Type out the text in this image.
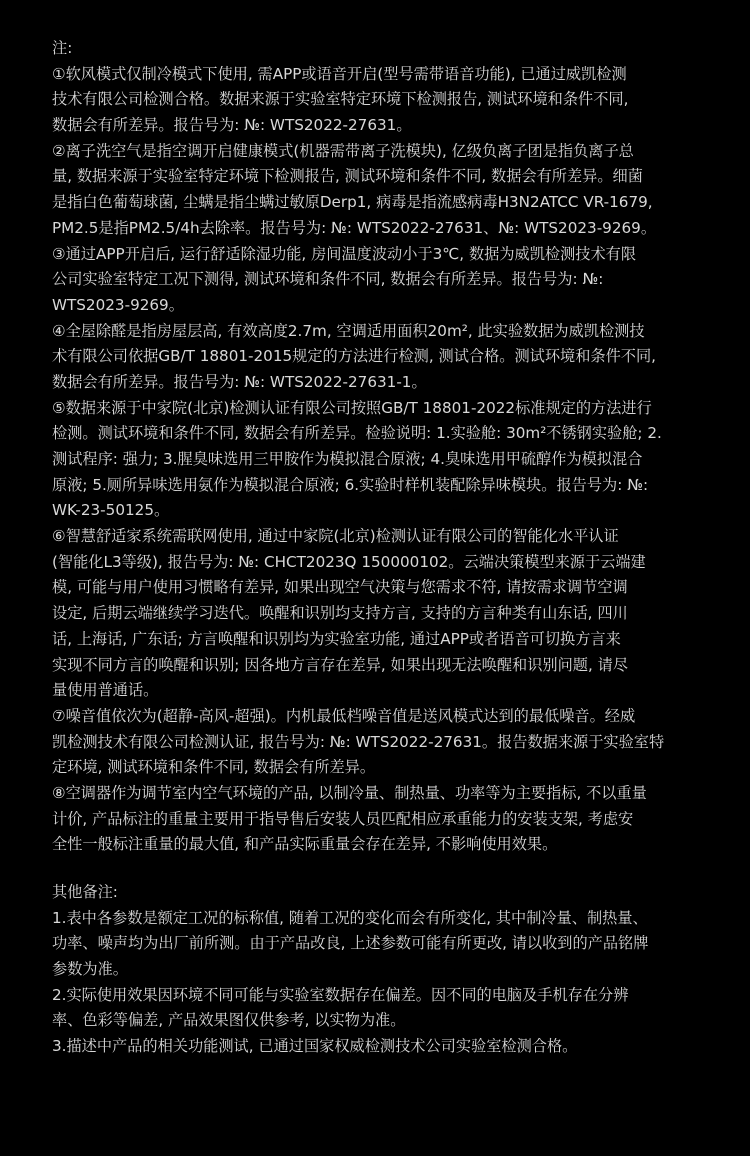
注:
①软风模式仅制冷模式下使用, 需APP或语音开启(型号需带语音功能), 已通过威凯检测
技术有限公司检测合格。数据来源于实验室特定环境下检测报告, 测试环境和条件不同,
数据会有所差异。报告号为: №: WTS2022-27631。
②离子洗空气是指空调开启健康模式(机器需带离子洗模块), 亿级负离子团是指负离子总
量, 数据来源于实验室特定环境下检测报告, 测试环境和条件不同, 数据会有所差异。细菌
是指白色葡萄球菌, 尘螨是指尘螨过敏原Derp1, 病毒是指流感病毒H3N2ATCC VR-1679,
PM2.5是指PM2.5/4h去除率。报告号为: №: WTS2022-27631、№: WTS2023-9269。
③通过APP开启后, 运行舒适除湿功能, 房间温度波动小于3℃, 数据为威凯检测技术有限
公司实验室特定工况下测得, 测试环境和条件不同, 数据会有所差异。报告号为: №:
WTS2023-9269。
④全屋除醛是指房屋层高, 有效高度2.7m, 空调适用面积20m², 此实验数据为威凯检测技
术有限公司依据GB/T 18801-2015规定的方法进行检测, 测试合格。测试环境和条件不同,
数据会有所差异。报告号为: №: WTS2022-27631-1。
⑤数据来源于中家院(北京)检测认证有限公司按照GB/T 18801-2022标准规定的方法进行
检测。测试环境和条件不同, 数据会有所差异。检验说明: 1.实验舱: 30m²不锈钢实验舱; 2.
测试程序: 强力; 3.腥臭味选用三甲胺作为模拟混合原液; 4.臭味选用甲硫醇作为模拟混合
原液; 5.厕所异味选用氨作为模拟混合原液; 6.实验时样机装配除异味模块。报告号为: №:
WK-23-50125。
⑥智慧舒适家系统需联网使用, 通过中家院(北京)检测认证有限公司的智能化水平认证
(智能化L3等级), 报告号为: №: CHCT2023Q 150000102。云端决策模型来源于云端建
模, 可能与用户使用习惯略有差异, 如果出现空气决策与您需求不符, 请按需求调节空调
设定, 后期云端继续学习迭代。唤醒和识别均支持方言, 支持的方言种类有山东话, 四川
话, 上海话, 广东话; 方言唤醒和识别均为实验室功能, 通过APP或者语音可切换方言来
实现不同方言的唤醒和识别; 因各地方言存在差异, 如果出现无法唤醒和识别问题, 请尽
量使用普通话。
⑦噪音值依次为(超静-高风-超强)。内机最低档噪音值是送风模式达到的最低噪音。经威
凯检测技术有限公司检测认证, 报告号为: №: WTS2022-27631。报告数据来源于实验室特
定环境, 测试环境和条件不同, 数据会有所差异。
⑧空调器作为调节室内空气环境的产品, 以制冷量、制热量、功率等为主要指标, 不以重量
计价, 产品标注的重量主要用于指导售后安装人员匹配相应承重能力的安装支架, 考虑安
全性一般标注重量的最大值, 和产品实际重量会存在差异, 不影响使用效果。
其他备注:
1.表中各参数是额定工况的标称值, 随着工况的变化而会有所变化, 其中制冷量、制热量、
功率、噪声均为出厂前所测。由于产品改良, 上述参数可能有所更改, 请以收到的产品铭牌
参数为准。
2.实际使用效果因环境不同可能与实验室数据存在偏差。因不同的电脑及手机存在分辨
率、色彩等偏差, 产品效果图仅供参考, 以实物为准。
3.描述中产品的相关功能测试, 已通过国家权威检测技术公司实验室检测合格。
